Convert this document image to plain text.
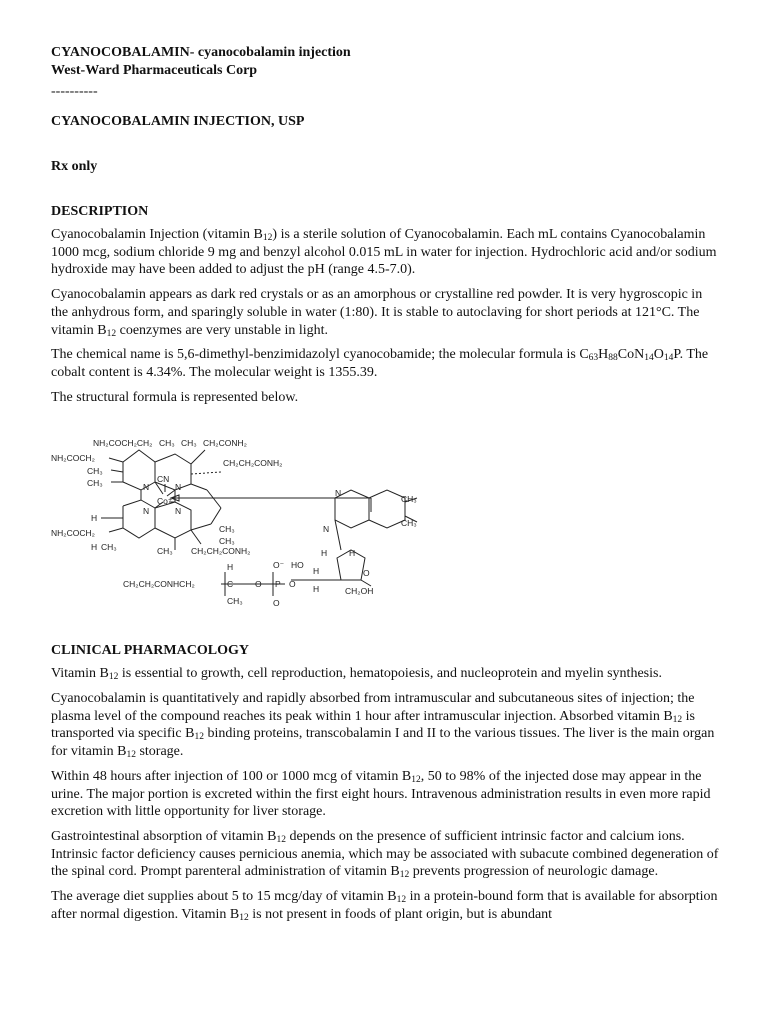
CYANOCOBALAMIN- cyanocobalamin injection
West-Ward Pharmaceuticals Corp
----------
CYANOCOBALAMIN INJECTION, USP
Rx only
DESCRIPTION

Cyanocobalamin Injection (vitamin $B_{12}$) is a sterile solution of Cyanocobalamin. Each mL contains Cyanocobalamin 1000 mcg, sodium chloride 9 mg and benzyl alcohol 0.015 mL in water for injection. Hydrochloric acid and/or sodium hydroxide may have been added to adjust the pH (range 4.5-7.0).

Cyanocobalamin appears as dark red crystals or as an amorphous or crystalline red powder. It is very hygroscopic in the anhydrous form, and sparingly soluble in water (1:80). It is stable to autoclaving for short periods at 121°C. The vitamin $B_{12}$ coenzymes are very unstable in light.

The chemical name is 5,6-dimethyl-benzimidazolyl cyanocobamide; the molecular formula is $C_{63}H_{88}CoN_{14}O_{14}P$. The cobalt content is 4.34%. The molecular weight is 1355.39.

The structural formula is represented below.

NH₂COCH₂CH₂ CH₃ CH₃ CH₂CONH₂
NH₂COCH₂	CH₂CH₂CONH₂
CH₃
CH₃	CN
Co⁺
N	N
N	N
H
NH₂COCH₂
H CH₃
CH₃
CH₃
CH₃ CH₂CH₂CONH₂
CH₂CH₂CONHCH₂	C	O P O
H
CH₃
O⁻
O
N
N
CH₃
CH₃
HO
H	H
O
H	CH₂OH
H
CLINICAL PHARMACOLOGY

Vitamin $B_{12}$ is essential to growth, cell reproduction, hematopoiesis, and nucleoprotein and myelin synthesis.

Cyanocobalamin is quantitatively and rapidly absorbed from intramuscular and subcutaneous sites of injection; the plasma level of the compound reaches its peak within 1 hour after intramuscular injection. Absorbed vitamin $B_{12}$ is transported via specific $B_{12}$ binding proteins, transcobalamin I and II to the various tissues. The liver is the main organ for vitamin $B_{12}$ storage.

Within 48 hours after injection of 100 or 1000 mcg of vitamin $B_{12}$, 50 to 98% of the injected dose may appear in the urine. The major portion is excreted within the first eight hours. Intravenous administration results in even more rapid excretion with little opportunity for liver storage.

Gastrointestinal absorption of vitamin $B_{12}$ depends on the presence of sufficient intrinsic factor and calcium ions. Intrinsic factor deficiency causes pernicious anemia, which may be associated with subacute combined degeneration of the spinal cord. Prompt parenteral administration of vitamin $B_{12}$ prevents progression of neurologic damage.

The average diet supplies about 5 to 15 mcg/day of vitamin $B_{12}$ in a protein-bound form that is available for absorption after normal digestion. Vitamin $B_{12}$ is not present in foods of plant origin, but is abundant
